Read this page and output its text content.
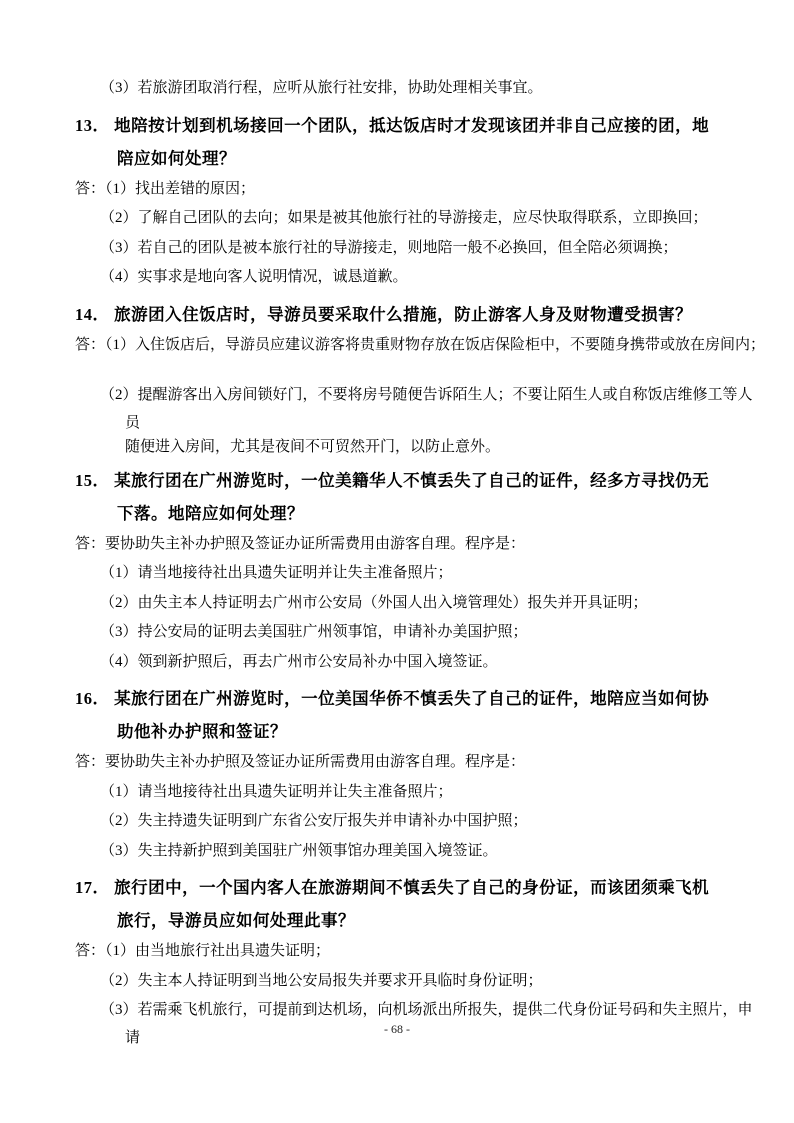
（3）若旅游团取消行程，应听从旅行社安排，协助处理相关事宜。
13． 地陪按计划到机场接回一个团队，抵达饭店时才发现该团并非自己应接的团，地
陪应如何处理？
答：（1）找出差错的原因；
（2）了解自己团队的去向；如果是被其他旅行社的导游接走，应尽快取得联系，立即换回；
（3）若自己的团队是被本旅行社的导游接走，则地陪一般不必换回，但全陪必须调换；
（4）实事求是地向客人说明情况，诚恳道歉。
14． 旅游团入住饭店时，导游员要采取什么措施，防止游客人身及财物遭受损害？
答：（1）入住饭店后，导游员应建议游客将贵重财物存放在饭店保险柜中，不要随身携带或放在房间内；
（2）提醒游客出入房间锁好门，不要将房号随便告诉陌生人；不要让陌生人或自称饭店维修工等人
员
随便进入房间，尤其是夜间不可贸然开门，以防止意外。
15． 某旅行团在广州游览时，一位美籍华人不慎丢失了自己的证件，经多方寻找仍无
下落。地陪应如何处理？
答：要协助失主补办护照及签证办证所需费用由游客自理。程序是：
（1）请当地接待社出具遗失证明并让失主准备照片；
（2）由失主本人持证明去广州市公安局（外国人出入境管理处）报失并开具证明；
（3）持公安局的证明去美国驻广州领事馆，申请补办美国护照；
（4）领到新护照后，再去广州市公安局补办中国入境签证。
16． 某旅行团在广州游览时，一位美国华侨不慎丢失了自己的证件，地陪应当如何协
助他补办护照和签证？
答：要协助失主补办护照及签证办证所需费用由游客自理。程序是：
（1）请当地接待社出具遗失证明并让失主准备照片；
（2）失主持遗失证明到广东省公安厅报失并申请补办中国护照；
（3）失主持新护照到美国驻广州领事馆办理美国入境签证。
17． 旅行团中，一个国内客人在旅游期间不慎丢失了自己的身份证，而该团须乘飞机
旅行，导游员应如何处理此事？
答：（1）由当地旅行社出具遗失证明；
（2）失主本人持证明到当地公安局报失并要求开具临时身份证明；
（3）若需乘飞机旅行，可提前到达机场，向机场派出所报失，提供二代身份证号码和失主照片，申
请
- 68 -
